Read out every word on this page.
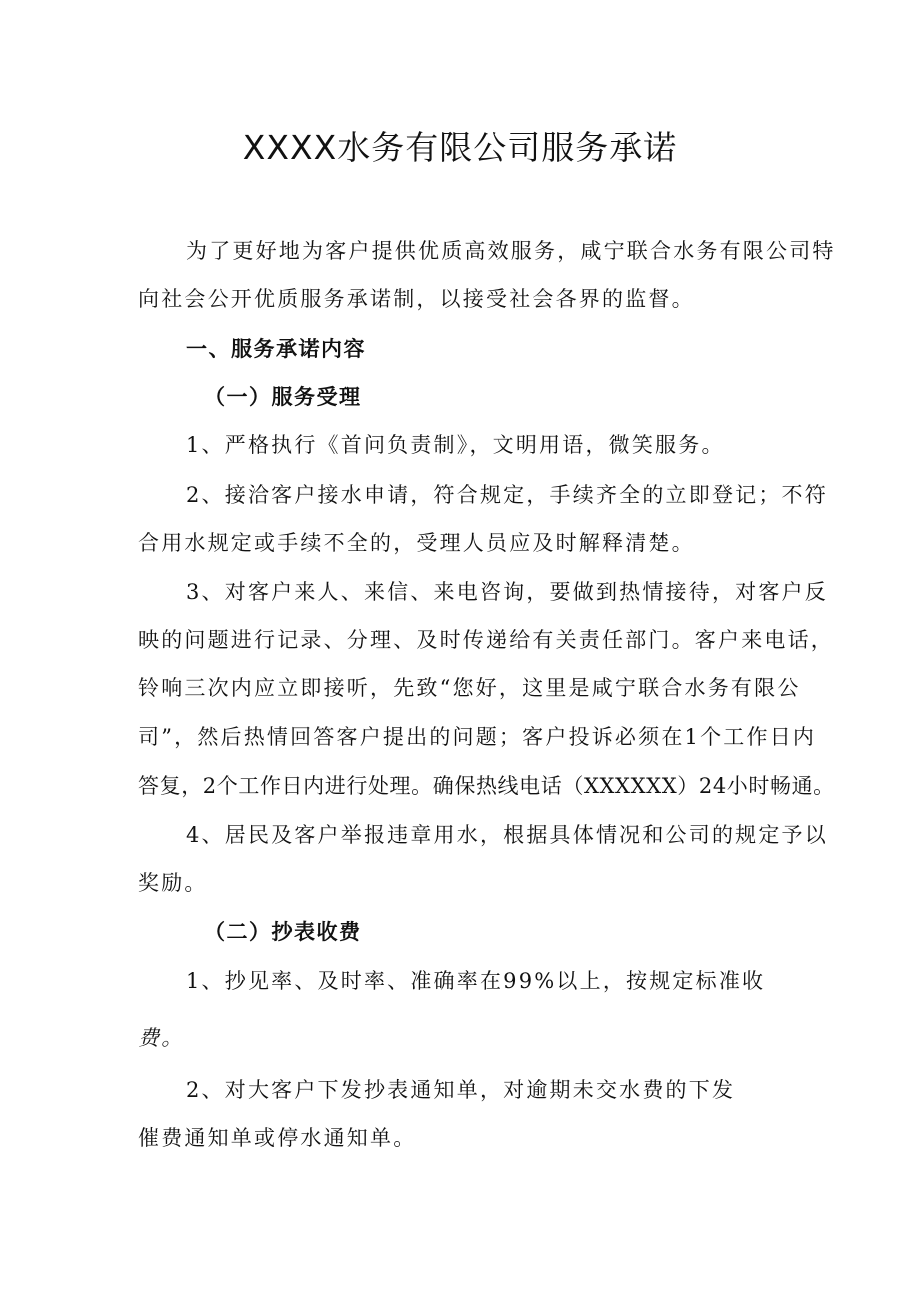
XXXX水务有限公司服务承诺
为了更好地为客户提供优质高效服务，咸宁联合水务有限公司特
向社会公开优质服务承诺制，以接受社会各界的监督。
一、服务承诺内容
（一）服务受理
1、严格执行《首问负责制》，文明用语，微笑服务。
2、接洽客户接水申请，符合规定，手续齐全的立即登记；不符
合用水规定或手续不全的，受理人员应及时解释清楚。
3、对客户来人、来信、来电咨询，要做到热情接待，对客户反
映的问题进行记录、分理、及时传递给有关责任部门。客户来电话，
铃响三次内应立即接听，先致“您好，这里是咸宁联合水务有限公
司”，然后热情回答客户提出的问题；客户投诉必须在1个工作日内
答复，2个工作日内进行处理。确保热线电话（XXXXXX）24小时畅通。
4、居民及客户举报违章用水，根据具体情况和公司的规定予以
奖励。
（二）抄表收费
1、抄见率、及时率、准确率在99%以上，按规定标准收
费。
2、对大客户下发抄表通知单，对逾期未交水费的下发
催费通知单或停水通知单。
